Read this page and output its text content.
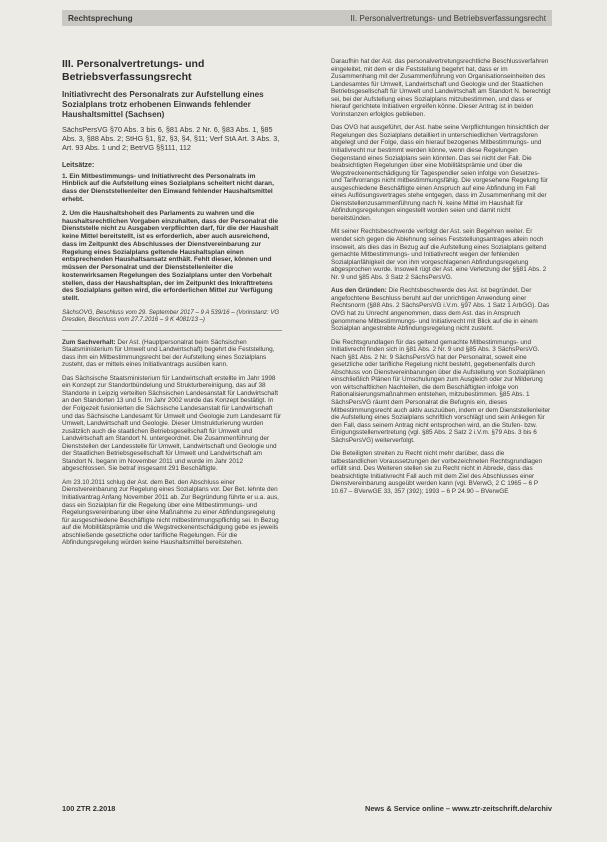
Rechtsprechung	II. Personalvertretungs- und Betriebsverfassungsrecht
III. Personalvertretungs- und Betriebsverfassungsrecht
Initiativrecht des Personalrats zur Aufstellung eines Sozialplans trotz erhobenen Einwands fehlender Haushaltsmittel (Sachsen)
SächsPersVG §70 Abs. 3 bis 6, §81 Abs. 2 Nr. 6, §83 Abs. 1, §85 Abs. 3, §88 Abs. 2; StHG §1, §2, §3, §4, §11; Verf StA Art. 3 Abs. 3, Art. 93 Abs. 1 und 2; BetrVG §§111, 112
Leitsätze:
1. Ein Mitbestimmungs- und Initiativrecht des Personalrats im Hinblick auf die Aufstellung eines Sozialplans scheitert nicht daran, dass der Dienststellenleiter den Einwand fehlender Haushaltsmittel erhebt.
2. Um die Haushaltshoheit des Parlaments zu wahren und die haushaltsrechtlichen Vorgaben einzuhalten, dass der Personalrat die Dienststelle nicht zu Ausgaben verpflichten darf, für die der Haushalt keine Mittel bereitstellt, ist es erforderlich, aber auch ausreichend, dass im Zeitpunkt des Abschlusses der Dienstvereinbarung zur Regelung eines Sozialplans geltende Haushaltsplan einen entsprechenden Haushaltsansatz enthält. Fehlt dieser, können und müssen der Personalrat und der Dienststellenleiter die kostenwirksamen Regelungen des Sozialplans unter den Vorbehalt stellen, dass der Haushaltsplan, der im Zeitpunkt des Inkrafttretens des Sozialplans gelten wird, die erforderlichen Mittel zur Verfügung stellt.
SächsOVG, Beschluss vom 29. September 2017 – 9 A 539/16 – (Vorinstanz: VG Dresden, Beschluss vom 27.7.2016 – 9 K 4081/13 –)

Zum Sachverhalt: Der Ast. (Hauptpersonalrat beim Sächsischen Staatsministerium für Umwelt und Landwirtschaft) begehrt die Feststellung, dass ihm ein Mitbestimmungsrecht bei der Aufstellung eines Sozialplans zusteht, das er mittels eines Initiativantrags ausüben kann.

Das Sächsische Staatsministerium für Landwirtschaft erstellte im Jahr 1998 ein Konzept zur Standortbündelung und Strukturbereinigung, das auf 38 Standorte in Leipzig verteilten Sächsischen Landesanstalt für Landwirtschaft an den Standorten 13 und 5. Im Jahr 2002 wurde das Konzept bestätigt. In der Folgezeit fusionierten die Sächsische Landesanstalt für Landwirtschaft und das Sächsische Landesamt für Umwelt und Geologie zum Landesamt für Umwelt, Landwirtschaft und Geologie. Dieser Umstrukturierung wurden zusätzlich auch die staatlichen Betriebsgesellschaft für Umwelt und Landwirtschaft am Standort N. untergeordnet. Die Zusammenführung der Dienststellen der Landesstelle für Umwelt, Landwirtschaft und Geologie und der Staatlichen Betriebsgesellschaft für Umwelt und Landwirtschaft am Standort N. begann im November 2011 und wurde im Jahr 2012 abgeschlossen. Sie betraf insgesamt 291 Beschäftigte.

Am 23.10.2011 schlug der Ast. dem Bet. den Abschluss einer Dienstvereinbarung zur Regelung eines Sozialplans vor. Der Bet. lehnte den Initiativantrag Anfang November 2011 ab. Zur Begründung führte er u.a. aus, dass ein Sozialplan für die Regelung über eine Mitbestimmungs- und Regelungsvereinbarung über eine Maßnahme zu einer Abfindungsregelung für ausgeschiedene Beschäftigte nicht mitbestimmungspflichtig sei. In Bezug auf die Mobilitätsprämie und die Wegstreckenentschädigung gebe es jeweils abschließende gesetzliche oder tarifliche Regelungen. Für die Abfindungsregelung würden keine Haushaltsmittel bereitstehen.

Daraufhin hat der Ast. das personalvertretungsrechtliche Beschlussverfahren eingeleitet, mit dem er die Feststellung begehrt hat, dass er im Zusammenhang mit der Zusammenführung von Organisationseinheiten des Landesamtes für Umwelt, Landwirtschaft und Geologie und der Staatlichen Betriebsgesellschaft für Umwelt und Landwirtschaft am Standort N. berechtigt sei, bei der Aufstellung eines Sozialplans mitzubestimmen, und dass er hierauf gerichtete Initiativen ergreifen könne. Dieser Antrag ist in beiden Vorinstanzen erfolglos geblieben.

Das OVG hat ausgeführt, der Ast. habe seine Verpflichtungen hinsichtlich der Regelungen des Sozialplans detailliert in unterschiedlichen Vertragsforen abgelegt und der Folge, dass ein hierauf bezogenes Mitbestimmungs- und Initiativrecht nur bestimmt werden könne, wenn diese Regelungen Gegenstand eines Sozialplans sein könnten. Das sei nicht der Fall. Die beabsichtigten Regelungen über eine Mobilitätsprämie und über die Wegstreckenentschädigung für Tagespendler seien infolge von Gesetzes- und Tarifvorrangs nicht mitbestimmungsfähig. Die vorgesehene Regelung für ausgeschiedene Beschäftigte einen Anspruch auf eine Abfindung im Fall eines Auflösungsvertrages stehe entgegen, dass im Zusammenhang mit der Dienststellenzusammenführung nach N. keine Mittel im Haushalt für Abfindungsregelungen eingestellt worden seien und damit nicht bereitstünden.

Mit seiner Rechtsbeschwerde verfolgt der Ast. sein Begehren weiter. Er wendet sich gegen die Ablehnung seines Feststellungsantrages allein noch insoweit, als dies das in Bezug auf die Aufstellung eines Sozialplans geltend gemachte Mitbestimmungs- und Initiativrecht wegen der fehlenden Sozialplanfähigkeit der von ihm vorgeschlagenen Abfindungsregelung abgesprochen wurde. Insoweit rügt der Ast. eine Verletzung der §§81 Abs. 2 Nr. 9 und §85 Abs. 3 Satz 2 SächsPersVG.

Aus den Gründen: Die Rechtsbeschwerde des Ast. ist begründet. Der angefochtene Beschluss beruht auf der unrichtigen Anwendung einer Rechtsnorm (§88 Abs. 2 SächsPersVG i.V.m. §97 Abs. 1 Satz 1 ArbGG). Das OVG hat zu Unrecht angenommen, dass dem Ast. das in Anspruch genommene Mitbestimmungs- und Initiativrecht mit Blick auf die in einem Sozialplan angestrebte Abfindungsregelung nicht zusteht.

Die Rechtsgrundlagen für das geltend gemachte Mitbestimmungs- und Initiativrecht finden sich in §81 Abs. 2 Nr. 9 und §85 Abs. 3 SächsPersVG. Nach §81 Abs. 2 Nr. 9 SächsPersVG hat der Personalrat, soweit eine gesetzliche oder tarifliche Regelung nicht besteht, gegebenenfalls durch Abschluss von Dienstvereinbarungen über die Aufstellung von Sozialplänen einschließlich Plänen für Umschulungen zum Ausgleich oder zur Milderung von wirtschaftlichen Nachteilen, die dem Beschäftigten infolge von Rationalisierungsmaßnahmen entstehen, mitzubestimmen. §85 Abs. 1 SächsPersVG räumt dem Personalrat die Befugnis ein, dieses Mitbestimmungsrecht auch aktiv auszuüben, indem er dem Dienststellenleiter die Aufstellung eines Sozialplans schriftlich vorschlägt und sein Anliegen für den Fall, dass seinem Antrag nicht entsprochen wird, an die Stufen- bzw. Einigungsstellenvertretung (vgl. §85 Abs. 2 Satz 2 i.V.m. §79 Abs. 3 bis 6 SächsPersVG) weiterverfolgt.

Die Beteiligten streiten zu Recht nicht mehr darüber, dass die tatbestandlichen Voraussetzungen der vorbezeichneten Rechtsgrundlagen erfüllt sind. Des Weiteren stellen sie zu Recht nicht in Abrede, dass das beabsichtigte Initiativrecht Fall auch mit dem Ziel des Abschlusses einer Dienstvereinbarung ausgeübt werden kann (vgl. BVerwG, 2 C 1965 – 6 P 10.67 – BVerwGE 33, 357 (392); 1993 – 6 P 24.90 – BVerwGE

100 ZTR 2.2018	News & Service online – www.ztr-zeitschrift.de/archiv
